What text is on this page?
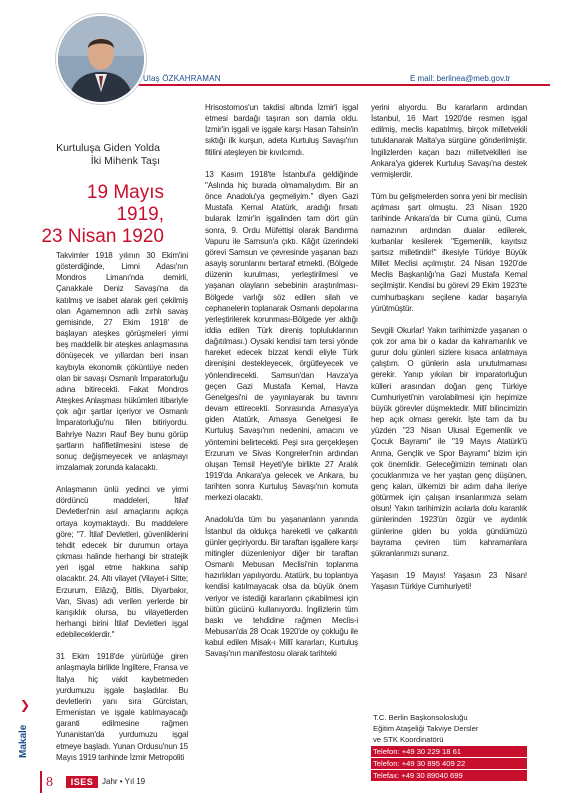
Ulaş ÖZKAHRAMAN	E mail: berlinea@meb.gov.tr
Kurtuluşa Giden Yolda İki Mihenk Taşı
19 Mayıs 1919,
23 Nisan 1920

Takvimler 1918 yılının 30 Ekim'ini gösterdiğinde, Limni Adası'nın Mondros Limanı'nda demirli, Çanakkale Deniz Savaşı'na da katılmış ve isabet alarak geri çekilmiş olan Agamemnon adlı zırhlı savaş gemisinde, 27 Ekim 1918' de başlayan ateşkes görüşmeleri yirmi beş maddelik bir ateşkes anlaşmasına dönüşecek ve yıllardan beri insan kaybıyla ekonomik çöküntüye neden olan bir savaşı Osmanlı İmparatorluğu adına bitirecekti. Fakat Mondros Ateşkes Anlaşması hükümleri itibariyle çok ağır şartlar içeriyor ve Osmanlı İmparatorluğu'nu fiilen bitiriyordu. Bahriye Nazırı Rauf Bey bunu görüp şartların hafifletilmesini istese de sonuç değişmeyecek ve anlaşmayı imzalamak zorunda kalacaktı.

Anlaşmanın ünlü yedinci ve yirmi dördüncü maddeleri, İtilaf Devletleri'nin asıl amaçlarını açıkça ortaya koymaktaydı. Bu maddelere göre; "7. İtilaf Devletleri, güvenliklerini tehdit edecek bir durumun ortaya çıkması halinde herhangi bir stratejik yeri işgal etme hakkına sahip olacaktır. 24. Altı vilayet (Vilayet-i Sitte; Erzurum, Elâzığ, Bitlis, Diyarbakır, Van, Sivas) adı verilen yerlerde bir karışıklık olursa, bu vilayetlerden herhangi birini İtilaf Devletleri işgal edebileceklerdir."

31 Ekim 1918'de yürürlüğe giren anlaşmayla birlikte İngiltere, Fransa ve İtalya hiç vakit kaybetmeden yurdumuzu işgale başladılar. Bu devletlerin yanı sıra Gürcistan, Ermenistan ve işgale katılmayacağı garanti edilmesine rağmen Yunanistan'da yurdumuzu işgal etmeye başladı. Yunan Ordusu'nun 15 Mayıs 1919 tarihinde İzmir Metropoliti

Hrisostomos'un takdisi altında İzmir'i işgal etmesi bardağı taşıran son damla oldu. İzmir'in işgali ve işgale karşı Hasan Tahsin'in sıktığı ilk kurşun, adeta Kurtuluş Savaşı'nın fitilini ateşleyen bir kıvılcımdı.

13 Kasım 1918'te İstanbul'a geldiğinde "Aslında hiç burada olmamalıydım. Bir an önce Anadolu'ya geçmeliyim." diyen Gazi Mustafa Kemal Atatürk, aradığı fırsatı bularak İzmir'in işgalinden tam dört gün sonra, 9. Ordu Müfettişi olarak Bandırma Vapuru ile Samsun'a çıktı. Kâğıt üzerindeki görevi Samsun ve çevresinde yaşanan bazı asayiş sorunlarını bertaraf etmekti. (Bölgede düzenin kurulması, yerleştirilmesi ve yaşanan olayların sebebinin araştırılması-Bölgede varlığı söz edilen silah ve cephanelerin toplanarak Osmanlı depolarına yerleştirilerek korunması-Bölgede yer aldığı iddia edilen Türk direniş topluluklarının dağıtılması.) Oysaki kendisi tam tersi yönde hareket edecek bizzat kendi eliyle Türk direnişini destekleyecek, örgütleyecek ve yönlendirecekti. Samsun'dan Havza'ya geçen Gazi Mustafa Kemal, Havza Genelgesi'ni de yayınlayarak bu tavrını devam ettirecekti. Sonrasında Amasya'ya giden Atatürk, Amasya Genelgesi ile Kurtuluş Savaşı'nın nedenini, amacını ve yöntemini belirtecekti. Peşi sıra gerçekleşen Erzurum ve Sivas Kongreleri'nin ardından oluşan Temsil Heyeti'yle birlikte 27 Aralık 1919'da Ankara'ya gelecek ve Ankara, bu tarihten sonra Kurtuluş Savaşı'nın komuta merkezi olacaktı.

Anadolu'da tüm bu yaşananların yanında İstanbul da oldukça hareketli ve çalkantılı günler geçiriyordu. Bir taraftan işgallere karşı mitingler düzenleniyor diğer bir taraftan Osmanlı Mebusan Meclisi'nin toplanma hazırlıkları yapılıyordu. Atatürk, bu toplantıya kendisi katılmayacak olsa da büyük önem veriyor ve istediği kararların çıkabilmesi için bütün gücünü kullanıyordu. İngilizlerin tüm baskı ve tehdidine rağmen Meclis-i Mebusan'da 28 Ocak 1920'de oy çokluğu ile kabul edilen Misak-ı Millî kararları, Kurtuluş Savaşı'nın manifestosu olarak tarihteki

yerini alıyordu. Bu kararların ardından İstanbul, 16 Mart 1920'de resmen işgal edilmiş, meclis kapatılmış, birçok milletvekili tutuklanarak Malta'ya sürgüne gönderilmiştir. İngilizlerden kaçan bazı milletvekilleri ise Ankara'ya giderek Kurtuluş Savaşı'na destek vermişlerdir.

Tüm bu gelişmelerden sonra yeni bir meclisin açılması şart olmuştu. 23 Nisan 1920 tarihinde Ankara'da bir Cuma günü, Cuma namazının ardından dualar edilerek, kurbanlar kesilerek "Egemenlik, kayıtsız şartsız milletindir!" ilkesiyle Türkiye Büyük Millet Meclisi açılmıştır. 24 Nisan 1920'de Meclis Başkanlığı'na Gazi Mustafa Kemal seçilmiştir. Kendisi bu görevi 29 Ekim 1923'te cumhurbaşkanı seçilene kadar başarıyla yürütmüştür.

Sevgili Okurlar! Yakın tarihimizde yaşanan o çok zor ama bir o kadar da kahramanlık ve gurur dolu günleri sizlere kısaca anlatmaya çalıştım. O günlerin asla unutulmaması gerekir. Yanıp yıkılan bir imparatorluğun külleri arasından doğan genç Türkiye Cumhuriyeti'nin varolabilmesi için hepimize büyük görevler düşmektedir. Millî bilincimizin hep açık olması gerekir. İşte tam da bu yüzden "23 Nisan Ulusal Egemenlik ve Çocuk Bayramı" ile "19 Mayıs Atatürk'ü Anma, Gençlik ve Spor Bayramı" bizim için çok önemlidir. Geleceğimizin teminatı olan çocuklarımıza ve her yaştan genç düşünen, genç kalan, ülkemizi bir adım daha ileriye götürmek için çalışan insanlarımıza selam olsun! Yakın tarihimizin acılarla dolu karanlık günlerinden 1923'ün özgür ve aydınlık günlerine giden bu yolda gündümüzü bayrama çeviren tüm kahramanlara şükranlarımızı sunarız.

Yaşasın 19 Mayıs! Yaşasın 23 Nisan! Yaşasın Türkiye Cumhuriyeti!

T.C. Berlin Başkonsolosluğu
Eğitim Ataşeliği Takviye Dersler
ve STK Koordinatörü
Telefon: +49 30 229 18 61
Telefon: +49 30 895 409 22
Telefax: +49 30 89040 699
❯
Makale
8	ISES	Jahr • Yıl 19
